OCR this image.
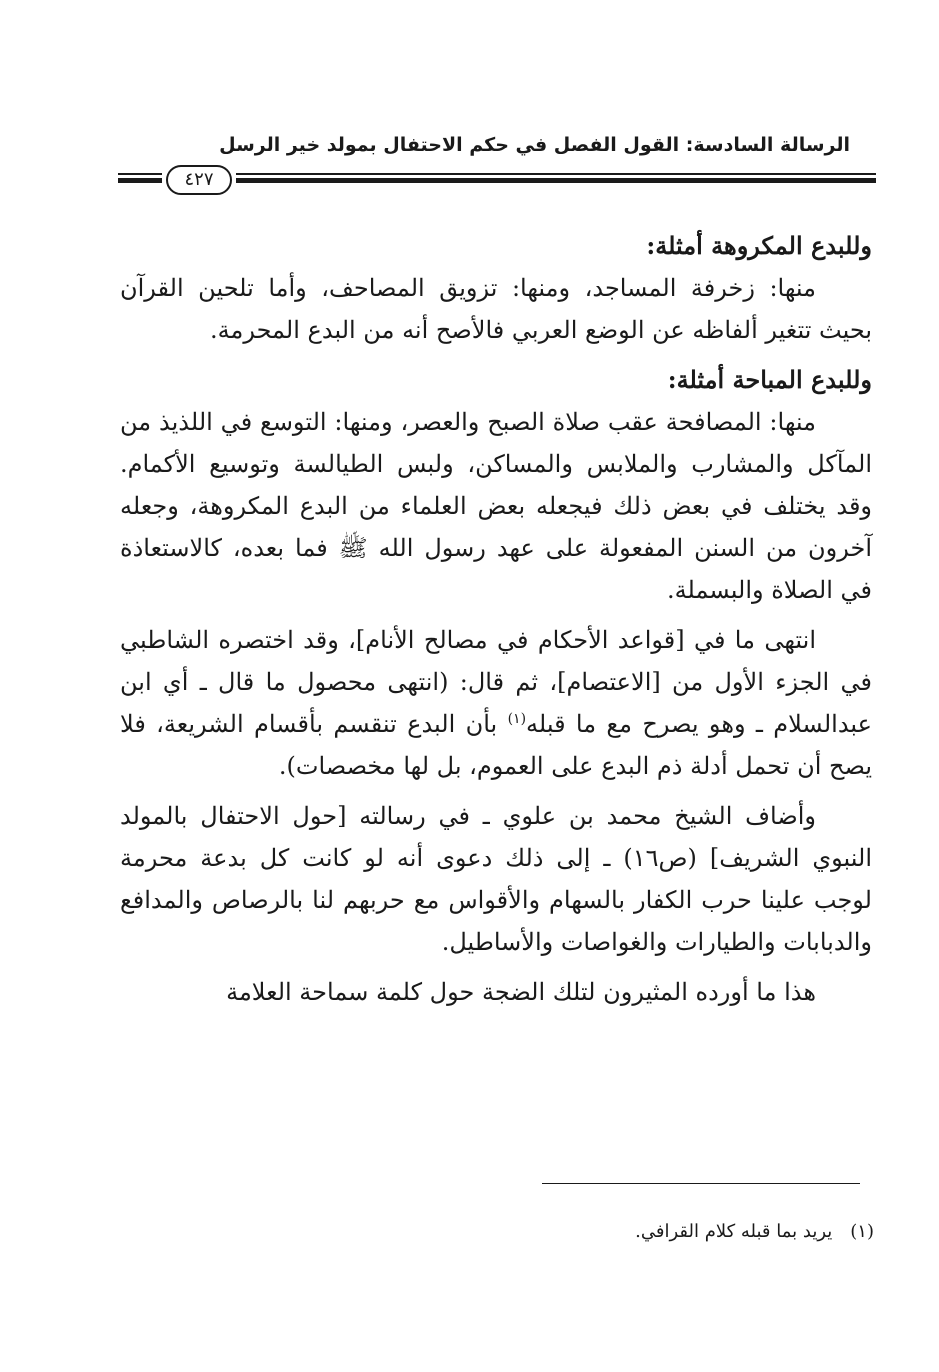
الرسالة السادسة: القول الفصل في حكم الاحتفال بمولد خير الرسل
٤٢٧

وللبدع المكروهة أمثلة:

منها: زخرفة المساجد، ومنها: تزويق المصاحف، وأما تلحين القرآن بحيث تتغير ألفاظه عن الوضع العربي فالأصح أنه من البدع المحرمة.

وللبدع المباحة أمثلة:

منها: المصافحة عقب صلاة الصبح والعصر، ومنها: التوسع في اللذيذ من المآكل والمشارب والملابس والمساكن، ولبس الطيالسة وتوسيع الأكمام. وقد يختلف في بعض ذلك فيجعله بعض العلماء من البدع المكروهة، وجعله آخرون من السنن المفعولة على عهد رسول الله ﷺ فما بعده، كالاستعاذة في الصلاة والبسملة.

انتهى ما في [قواعد الأحكام في مصالح الأنام]، وقد اختصره الشاطبي في الجزء الأول من [الاعتصام]، ثم قال: (انتهى محصول ما قال ـ أي ابن عبدالسلام ـ وهو يصرح مع ما قبله$^{(١)}$ بأن البدع تنقسم بأقسام الشريعة، فلا يصح أن تحمل أدلة ذم البدع على العموم، بل لها مخصصات).

وأضاف الشيخ محمد بن علوي ـ في رسالته [حول الاحتفال بالمولد النبوي الشريف] (ص١٦) ـ إلى ذلك دعوى أنه لو كانت كل بدعة محرمة لوجب علينا حرب الكفار بالسهام والأقواس مع حربهم لنا بالرصاص والمدافع والدبابات والطيارات والغواصات والأساطيل.

هذا ما أورده المثيرون لتلك الضجة حول كلمة سماحة العلامة

(١)يريد بما قبله كلام القرافي.
